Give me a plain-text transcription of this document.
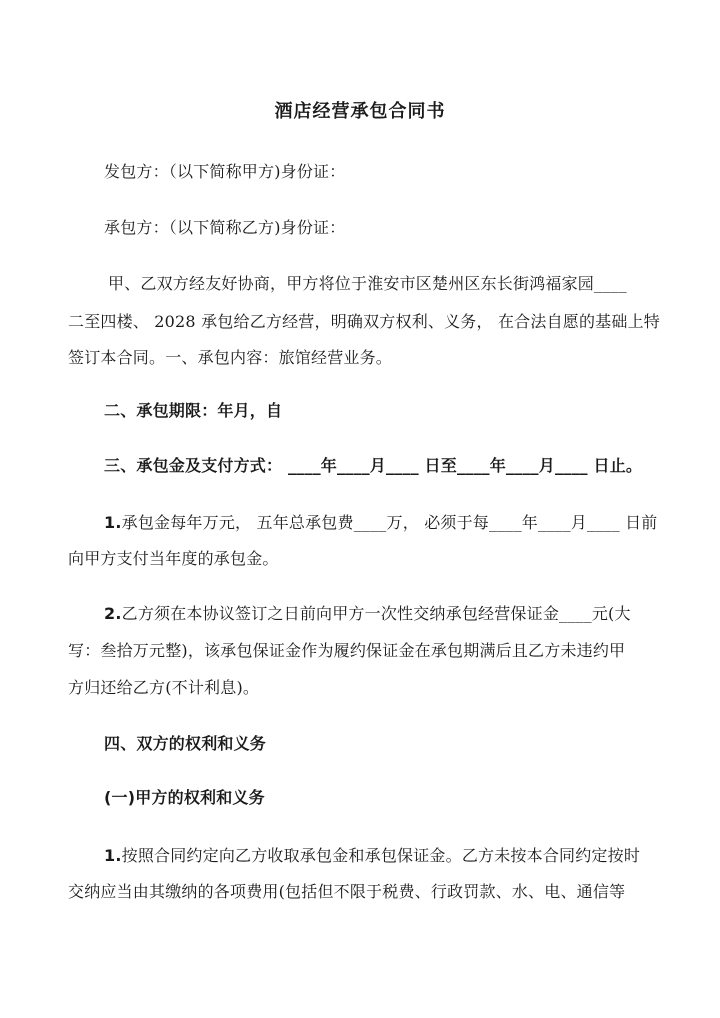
酒店经营承包合同书
发包方：（以下简称甲方)身份证：
承包方：（以下简称乙方)身份证：
甲、乙双方经友好协商，甲方将位于淮安市区楚州区东长街鸿福家园____
二至四楼、 2028 承包给乙方经营，明确双方权利、义务， 在合法自愿的基础上特
签订本合同。一、承包内容：旅馆经营业务。
二、承包期限：年月，自
三、承包金及支付方式： ____年____月____ 日至____年____月____ 日止。
1.承包金每年万元， 五年总承包费____万， 必须于每____年____月____ 日前
向甲方支付当年度的承包金。
2.乙方须在本协议签订之日前向甲方一次性交纳承包经营保证金____元(大
写：叁拾万元整)，该承包保证金作为履约保证金在承包期满后且乙方未违约甲
方归还给乙方(不计利息)。
四、双方的权利和义务
(一)甲方的权利和义务
1.按照合同约定向乙方收取承包金和承包保证金。乙方未按本合同约定按时
交纳应当由其缴纳的各项费用(包括但不限于税费、行政罚款、水、电、通信等
